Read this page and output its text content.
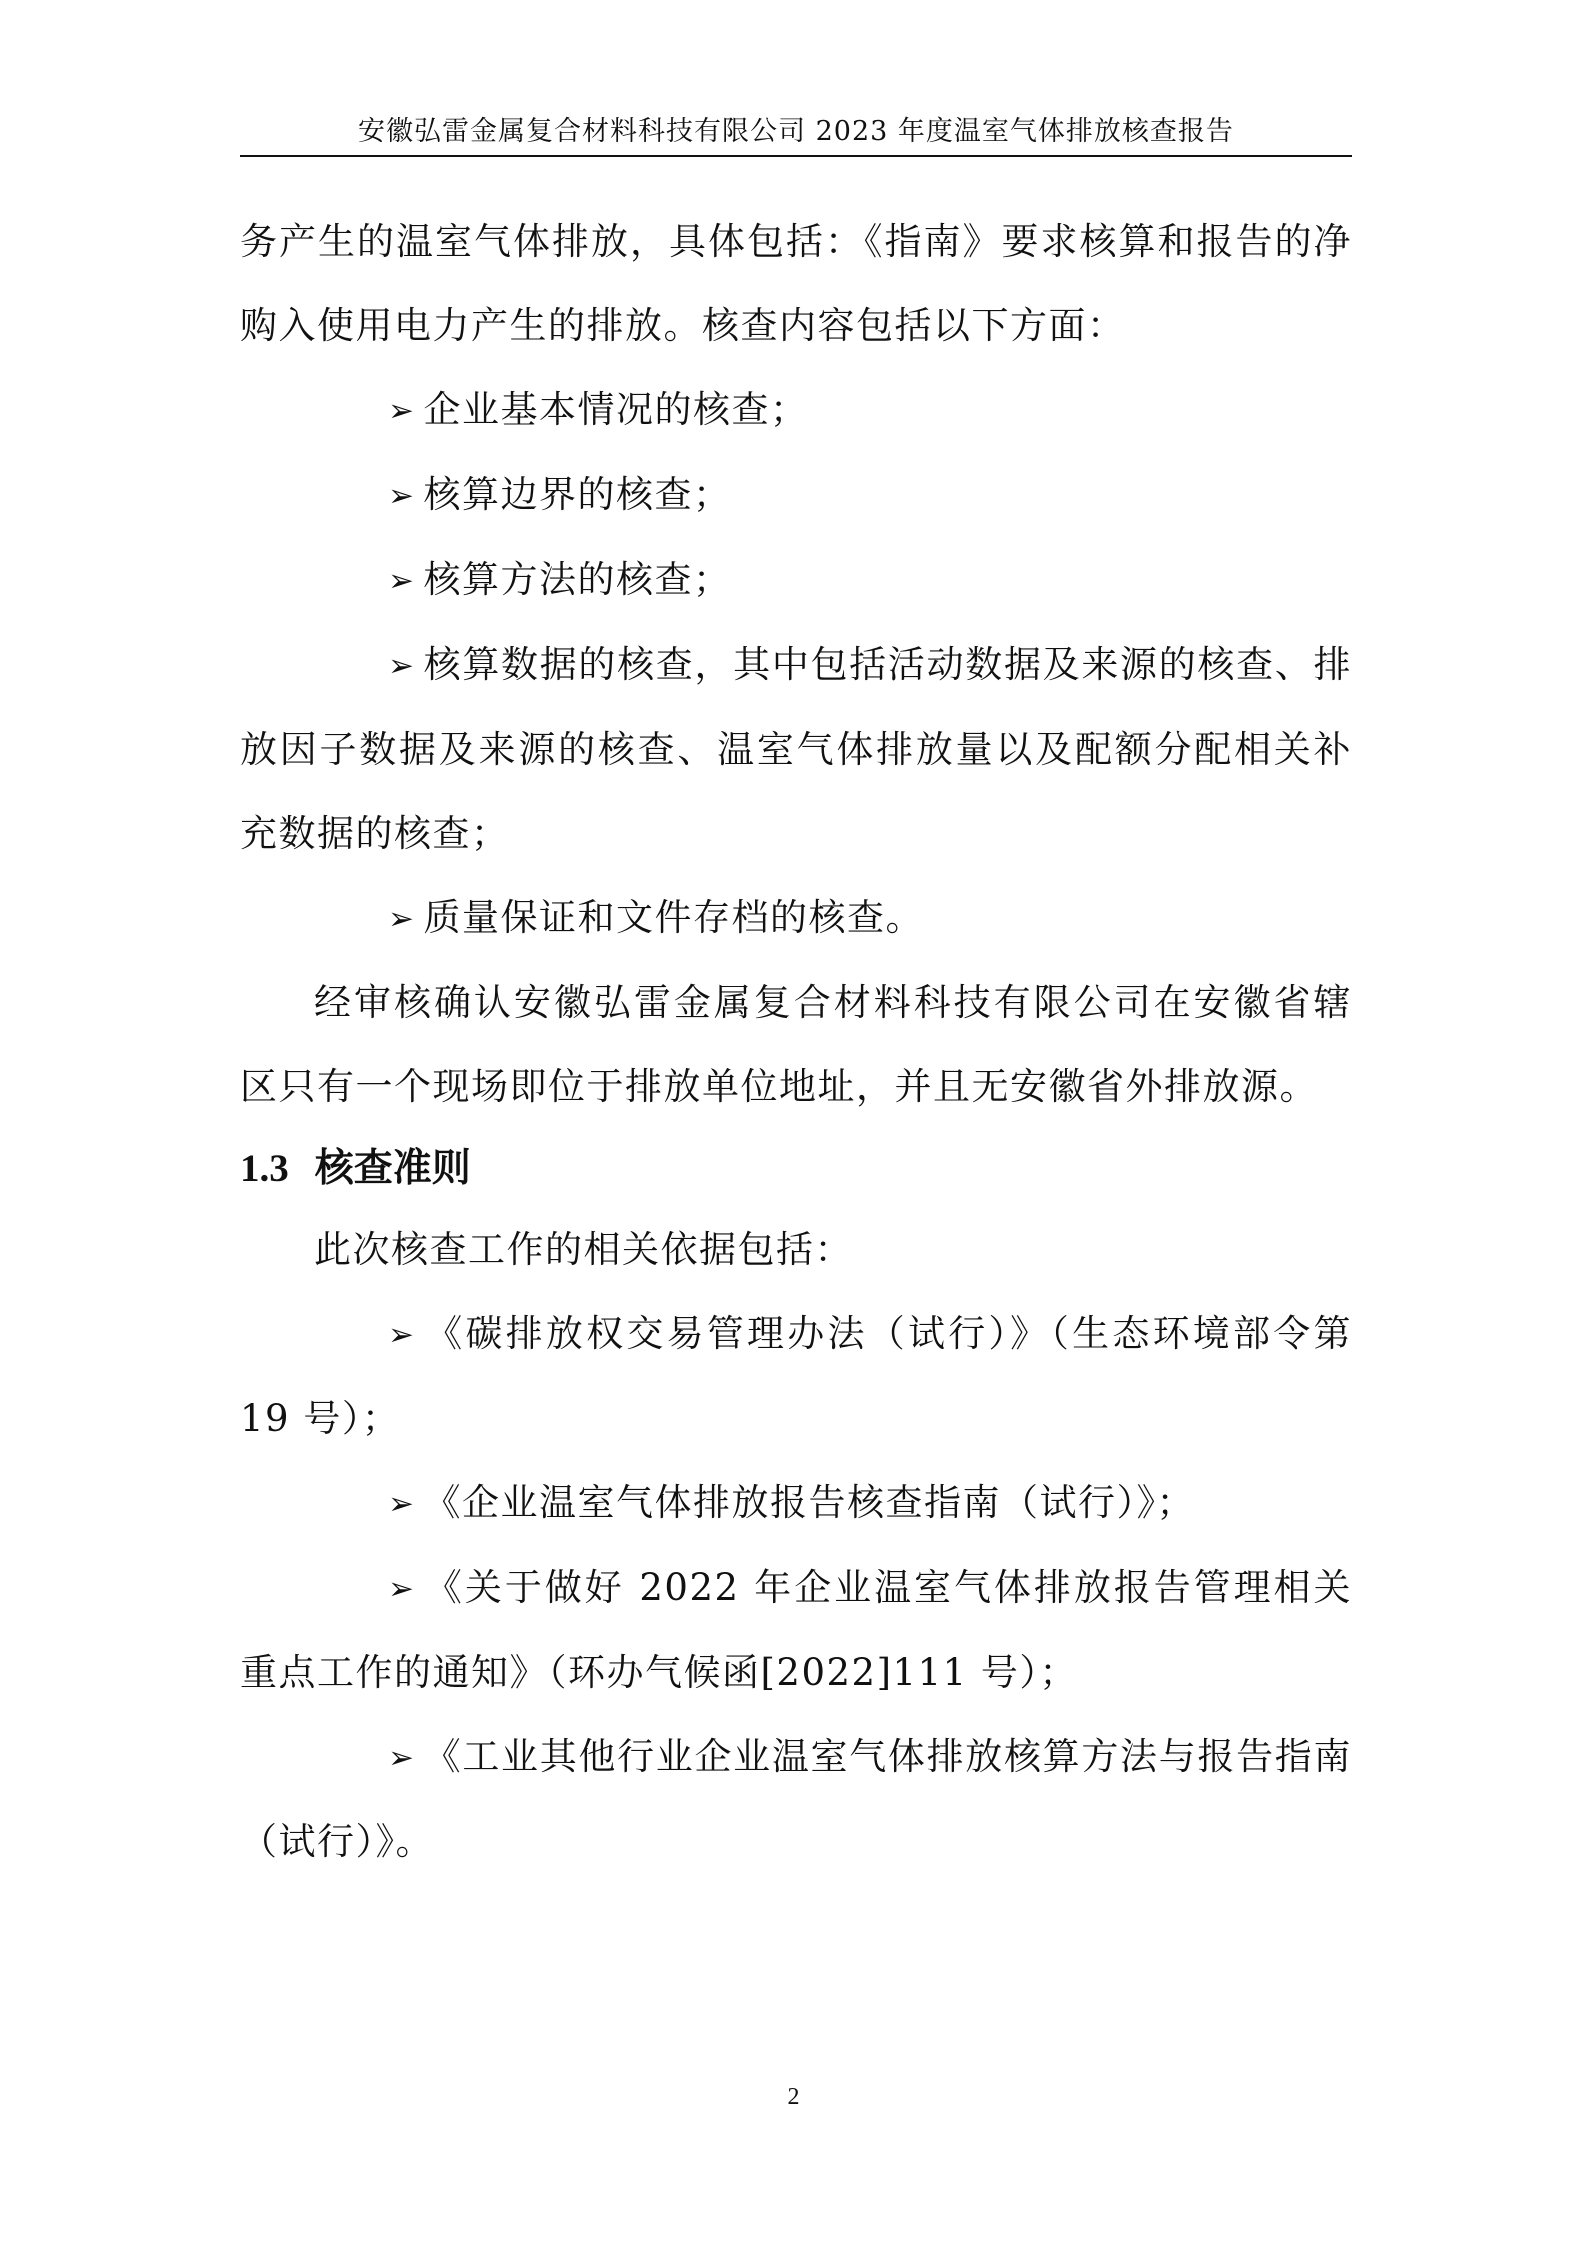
安徽弘雷金属复合材料科技有限公司 2023 年度温室气体排放核查报告

务产生的温室气体排放，具体包括：《指南》要求核算和报告的净购入使用电力产生的排放。核查内容包括以下方面：

➢ 企业基本情况的核查；

➢ 核算边界的核查；

➢ 核算方法的核查；

➢ 核算数据的核查，其中包括活动数据及来源的核查、排放因子数据及来源的核查、温室气体排放量以及配额分配相关补充数据的核查；

➢ 质量保证和文件存档的核查。

经审核确认安徽弘雷金属复合材料科技有限公司在安徽省辖区只有一个现场即位于排放单位地址，并且无安徽省外排放源。

1.3 核查准则

此次核查工作的相关依据包括：

➢ 《碳排放权交易管理办法（试行）》（生态环境部令第 19 号）；

➢ 《企业温室气体排放报告核查指南（试行）》；

➢ 《关于做好 2022 年企业温室气体排放报告管理相关重点工作的通知》（环办气候函[2022]111 号）；

➢ 《工业其他行业企业温室气体排放核算方法与报告指南（试行）》。

2
